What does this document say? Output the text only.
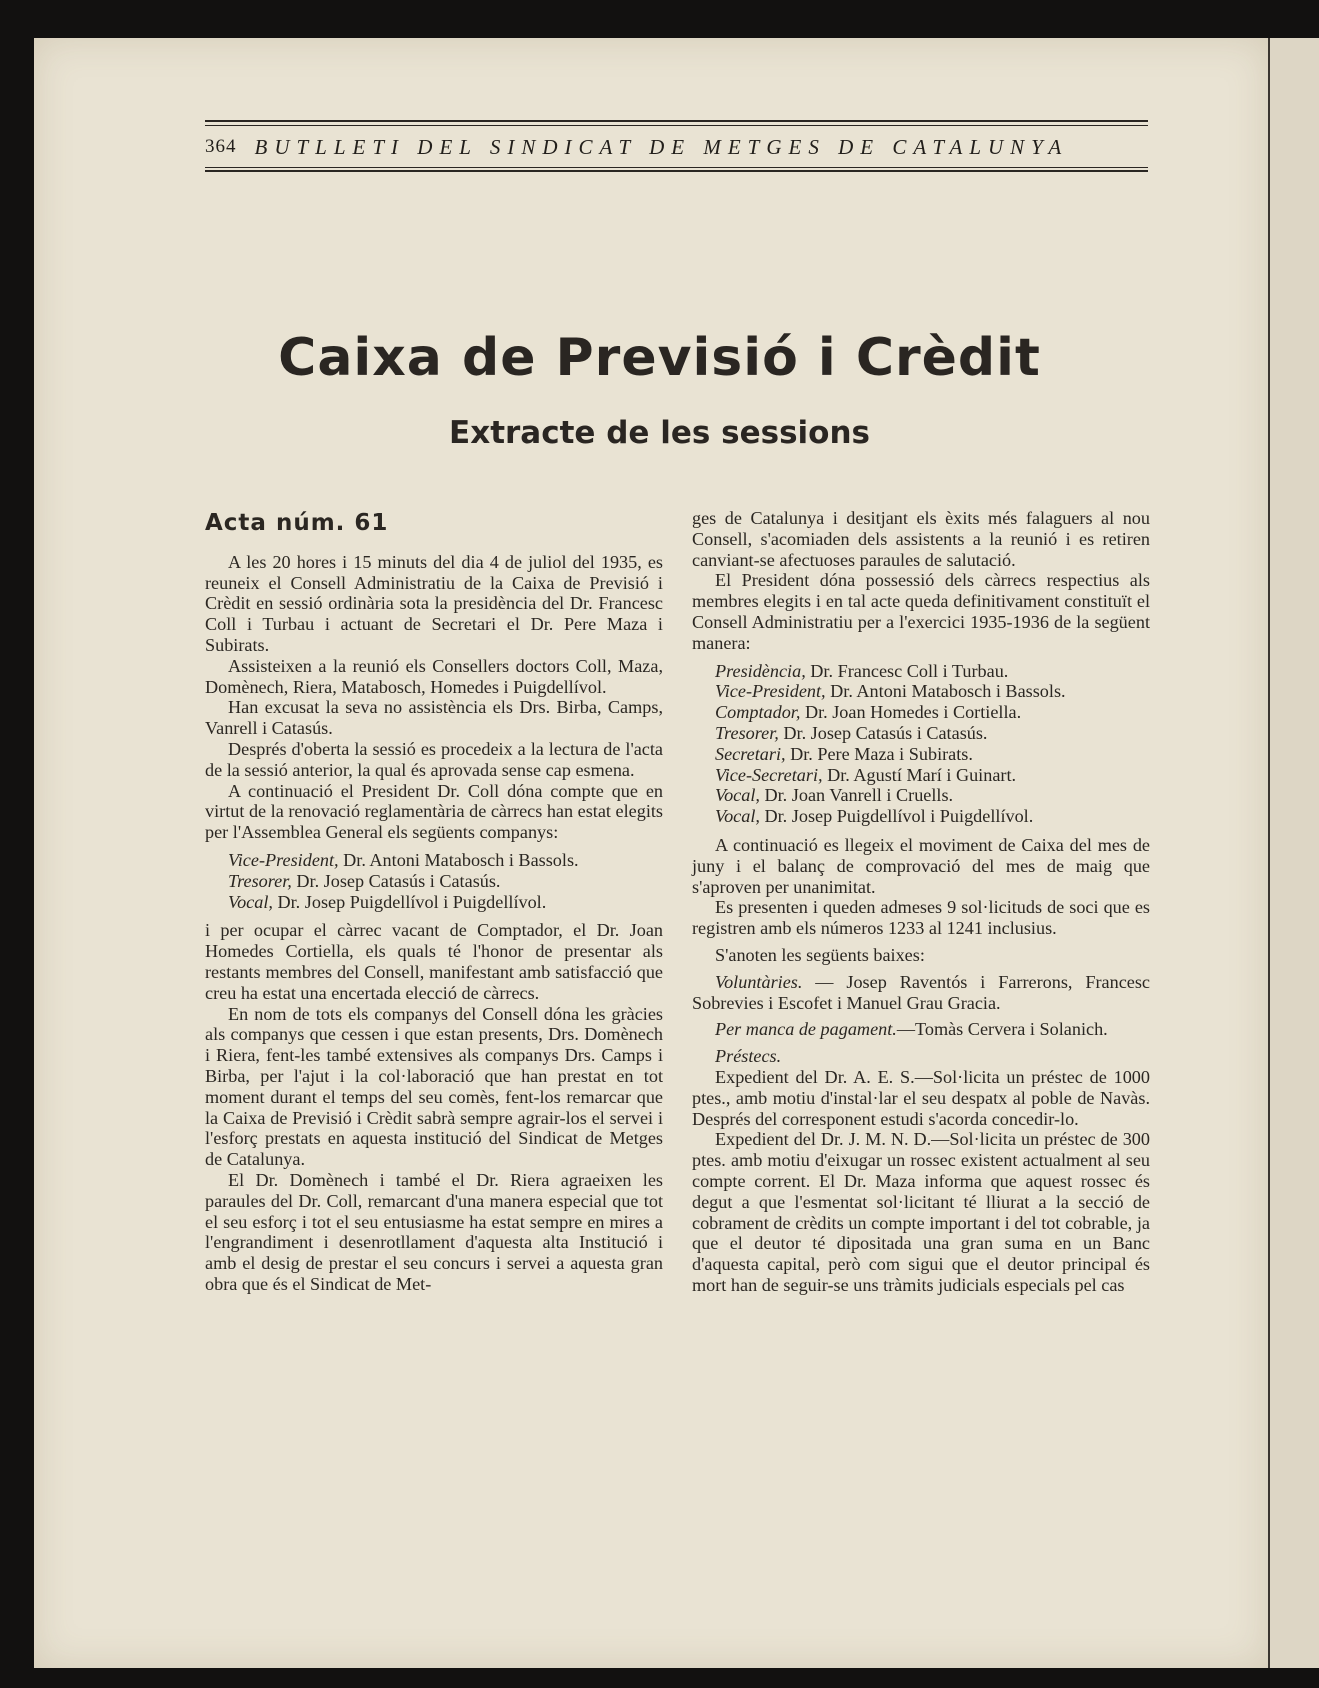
364 BUTLLETI DEL SINDICAT DE METGES DE CATALUNYA
Caixa de Previsió i Crèdit
Extracte de les sessions
Acta núm. 61

A les 20 hores i 15 minuts del dia 4 de juliol del 1935, es reuneix el Consell Administratiu de la Caixa de Previsió i Crèdit en sessió ordinària sota la presidència del Dr. Francesc Coll i Turbau i actuant de Secretari el Dr. Pere Maza i Subirats.

Assisteixen a la reunió els Consellers doctors Coll, Maza, Domènech, Riera, Matabosch, Homedes i Puigdellívol.

Han excusat la seva no assistència els Drs. Birba, Camps, Vanrell i Catasús.

Després d'oberta la sessió es procedeix a la lectura de l'acta de la sessió anterior, la qual és aprovada sense cap esmena.

A continuació el President Dr. Coll dóna compte que en virtut de la renovació reglamentària de càrrecs han estat elegits per l'Assemblea General els següents companys:

Vice-President, Dr. Antoni Matabosch i Bassols.

Tresorer, Dr. Josep Catasús i Catasús.

Vocal, Dr. Josep Puigdellívol i Puigdellívol.

i per ocupar el càrrec vacant de Comptador, el Dr. Joan Homedes Cortiella, els quals té l'honor de presentar als restants membres del Consell, manifestant amb satisfacció que creu ha estat una encertada elecció de càrrecs.

En nom de tots els companys del Consell dóna les gràcies als companys que cessen i que estan presents, Drs. Domènech i Riera, fent-les també extensives als companys Drs. Camps i Birba, per l'ajut i la col·laboració que han prestat en tot moment durant el temps del seu comès, fent-los remarcar que la Caixa de Previsió i Crèdit sabrà sempre agrair-los el servei i l'esforç prestats en aquesta institució del Sindicat de Metges de Catalunya.

El Dr. Domènech i també el Dr. Riera agraeixen les paraules del Dr. Coll, remarcant d'una manera especial que tot el seu esforç i tot el seu entusiasme ha estat sempre en mires a l'engrandiment i desenrotllament d'aquesta alta Institució i amb el desig de prestar el seu concurs i servei a aquesta gran obra que és el Sindicat de Met-

ges de Catalunya i desitjant els èxits més falaguers al nou Consell, s'acomiaden dels assistents a la reunió i es retiren canviant-se afectuoses paraules de salutació.

El President dóna possessió dels càrrecs respectius als membres elegits i en tal acte queda definitivament constituït el Consell Administratiu per a l'exercici 1935-1936 de la següent manera:

Presidència, Dr. Francesc Coll i Turbau.

Vice-President, Dr. Antoni Matabosch i Bassols.

Comptador, Dr. Joan Homedes i Cortiella.

Tresorer, Dr. Josep Catasús i Catasús.

Secretari, Dr. Pere Maza i Subirats.

Vice-Secretari, Dr. Agustí Marí i Guinart.

Vocal, Dr. Joan Vanrell i Cruells.

Vocal, Dr. Josep Puigdellívol i Puigdellívol.

A continuació es llegeix el moviment de Caixa del mes de juny i el balanç de comprovació del mes de maig que s'aproven per unanimitat.

Es presenten i queden admeses 9 sol·licituds de soci que es registren amb els números 1233 al 1241 inclusius.

S'anoten les següents baixes:

Voluntàries. — Josep Raventós i Farrerons, Francesc Sobrevies i Escofet i Manuel Grau Gracia.

Per manca de pagament.—Tomàs Cervera i Solanich.

Préstecs.

Expedient del Dr. A. E. S.—Sol·licita un préstec de 1000 ptes., amb motiu d'instal·lar el seu despatx al poble de Navàs. Després del corresponent estudi s'acorda concedir-lo.

Expedient del Dr. J. M. N. D.—Sol·licita un préstec de 300 ptes. amb motiu d'eixugar un rossec existent actualment al seu compte corrent. El Dr. Maza informa que aquest rossec és degut a que l'esmentat sol·licitant té lliurat a la secció de cobrament de crèdits un compte important i del tot cobrable, ja que el deutor té dipositada una gran suma en un Banc d'aquesta capital, però com sigui que el deutor principal és mort han de seguir-se uns tràmits judicials especials pel cas
